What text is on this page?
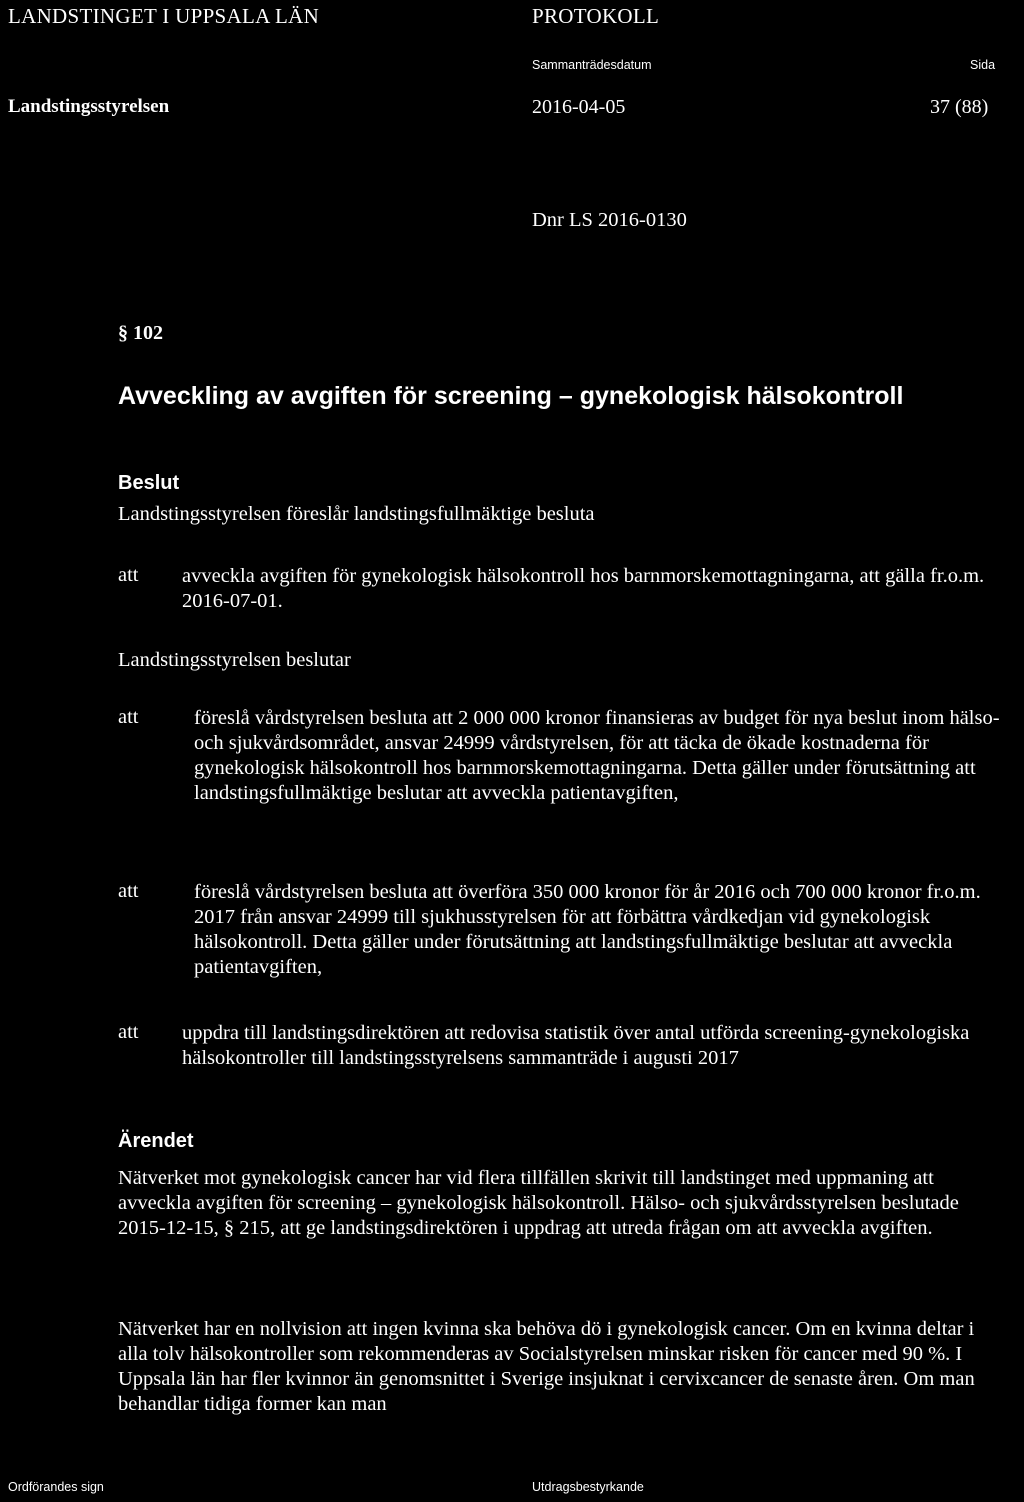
LANDSTINGET I UPPSALA LÄN	PROTOKOLL
Sammanträdesdatum	Sida
Landstingsstyrelsen	2016-04-05	37 (88)
Dnr LS 2016-0130
§ 102
Avveckling av avgiften för screening – gynekologisk hälsokontroll
Beslut
Landstingsstyrelsen föreslår landstingsfullmäktige besluta
att avveckla avgiften för gynekologisk hälsokontroll hos barnmorskemottagningarna, att gälla fr.o.m. 2016-07-01.
Landstingsstyrelsen beslutar
att	föreslå vårdstyrelsen besluta att 2 000 000 kronor finansieras av budget för nya beslut inom hälso- och sjukvårdsområdet, ansvar 24999 vårdstyrelsen, för att täcka de ökade kostnaderna för gynekologisk hälsokontroll hos barnmorskemottagningarna. Detta gäller under förutsättning att landstingsfullmäktige beslutar att avveckla patientavgiften,
att	föreslå vårdstyrelsen besluta att överföra 350 000 kronor för år 2016 och 700 000 kronor fr.o.m. 2017 från ansvar 24999 till sjukhusstyrelsen för att förbättra vårdkedjan vid gynekologisk hälsokontroll. Detta gäller under förutsättning att landstingsfullmäktige beslutar att avveckla patientavgiften,
att uppdra till landstingsdirektören att redovisa statistik över antal utförda screening-gynekologiska hälsokontroller till landstingsstyrelsens sammanträde i augusti 2017
Ärendet
Nätverket mot gynekologisk cancer har vid flera tillfällen skrivit till landstinget med uppmaning att avveckla avgiften för screening – gynekologisk hälsokontroll. Hälso- och sjukvårdsstyrelsen beslutade 2015-12-15, § 215, att ge landstingsdirektören i uppdrag att utreda frågan om att avveckla avgiften.
Nätverket har en nollvision att ingen kvinna ska behöva dö i gynekologisk cancer. Om en kvinna deltar i alla tolv hälsokontroller som rekommenderas av Socialstyrelsen minskar risken för cancer med 90 %. I Uppsala län har fler kvinnor än genomsnittet i Sverige insjuknat i cervixcancer de senaste åren. Om man behandlar tidiga former kan man
Ordförandes sign	Utdragsbestyrkande
